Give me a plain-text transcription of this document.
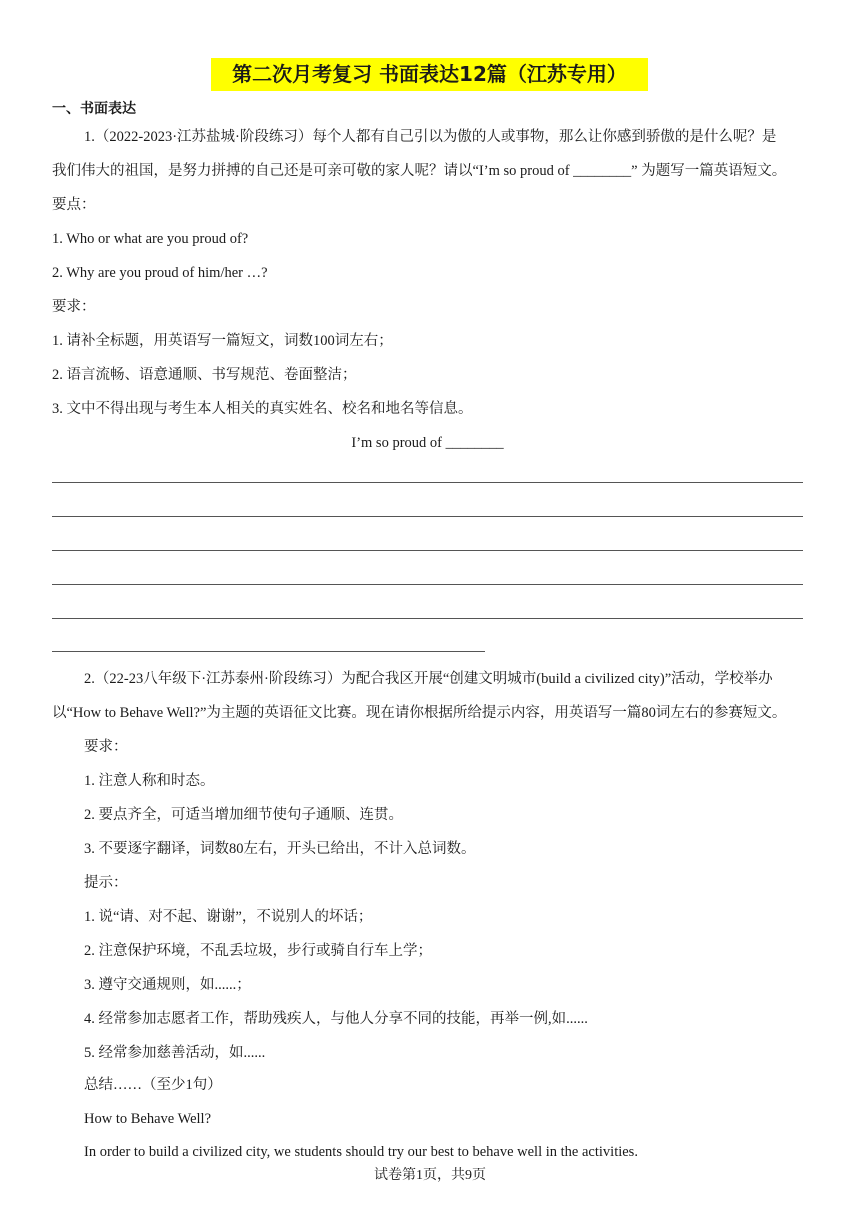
第二次月考复习 书面表达12篇（江苏专用）
一、书面表达
1.（2022-2023·江苏盐城·阶段练习）每个人都有自己引以为傲的人或事物，那么让你感到骄傲的是什么呢？是
我们伟大的祖国，是努力拼搏的自己还是可亲可敬的家人呢？请以“I’m so proud of ________” 为题写一篇英语短文。
要点：
1. Who or what are you proud of?
2. Why are you proud of him/her …?
要求：
1. 请补全标题，用英语写一篇短文，词数100词左右；
2. 语言流畅、语意通顺、书写规范、卷面整洁；
3. 文中不得出现与考生本人相关的真实姓名、校名和地名等信息。
I’m so proud of ________
2.（22-23八年级下·江苏泰州·阶段练习）为配合我区开展“创建文明城市(build a civilized city)”活动，学校举办
以“How to Behave Well?”为主题的英语征文比赛。现在请你根据所给提示内容，用英语写一篇80词左右的参赛短文。
要求：
1. 注意人称和时态。
2. 要点齐全，可适当增加细节使句子通顺、连贯。
3. 不要逐字翻译，词数80左右，开头已给出，不计入总词数。
提示：
1. 说“请、对不起、谢谢”，不说别人的坏话；
2. 注意保护环境，不乱丢垃圾，步行或骑自行车上学；
3. 遵守交通规则，如......；
4. 经常参加志愿者工作，帮助残疾人，与他人分享不同的技能，再举一例,如......
5. 经常参加慈善活动，如......
总结……（至少1句）
How to Behave Well?
In order to build a civilized city, we students should try our best to behave well in the activities.
试卷第1页，共9页
